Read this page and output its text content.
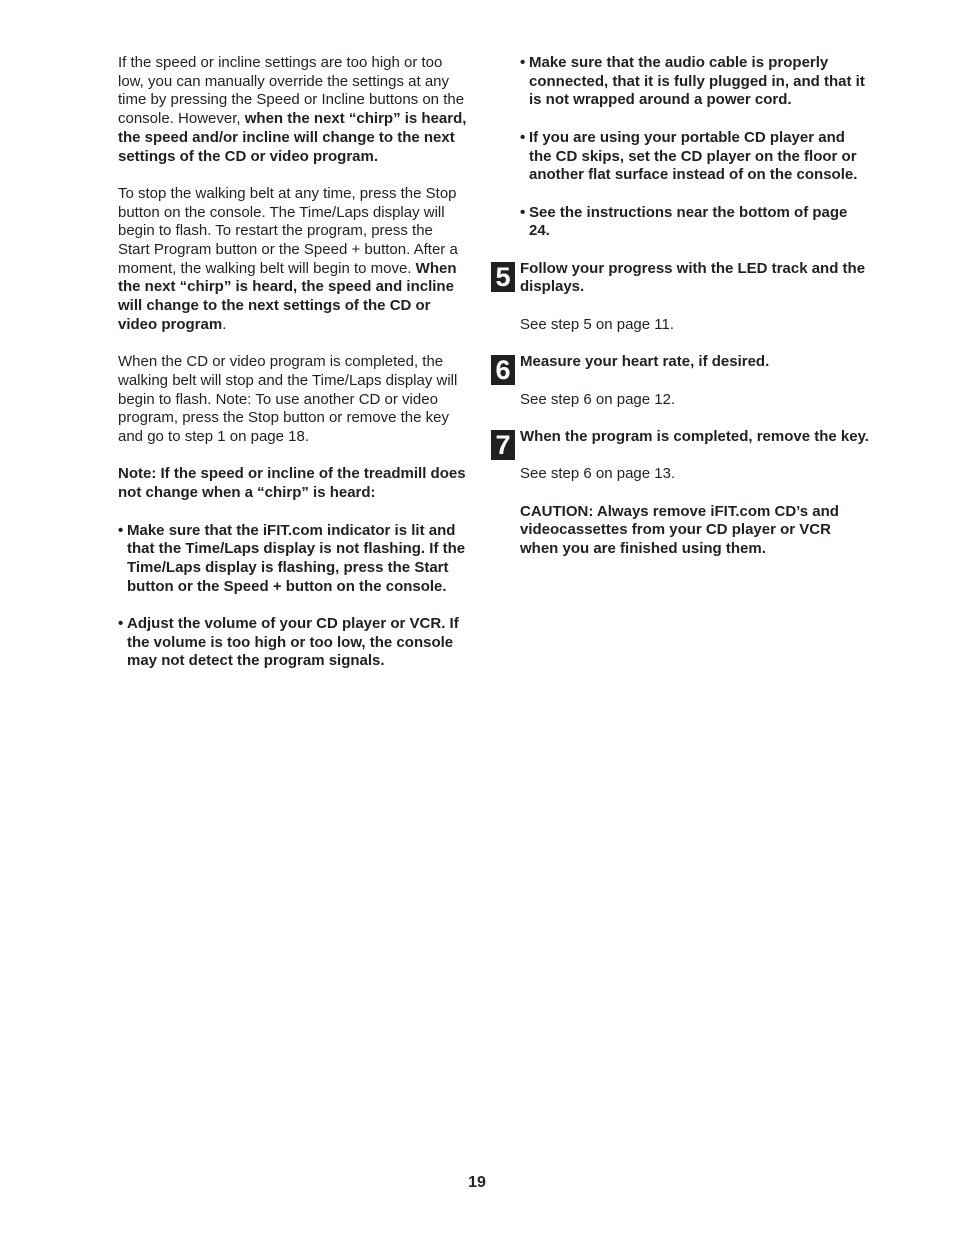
If the speed or incline settings are too high or too low, you can manually override the settings at any time by pressing the Speed or Incline buttons on the console. However, when the next “chirp” is heard, the speed and/or incline will change to the next settings of the CD or video program.

To stop the walking belt at any time, press the Stop button on the console. The Time/Laps display will begin to flash. To restart the program, press the Start Program button or the Speed + button. After a moment, the walking belt will begin to move. When the next “chirp” is heard, the speed and incline will change to the next settings of the CD or video program.

When the CD or video program is completed, the walking belt will stop and the Time/Laps display will begin to flash. Note: To use another CD or video program, press the Stop button or remove the key and go to step 1 on page 18.

Note: If the speed or incline of the treadmill does not change when a “chirp” is heard:

• Make sure that the iFIT.com indicator is lit and that the Time/Laps display is not flashing. If the Time/Laps display is flashing, press the Start button or the Speed + button on the console.
• Adjust the volume of your CD player or VCR. If the volume is too high or too low, the console may not detect the program signals.
• Make sure that the audio cable is properly connected, that it is fully plugged in, and that it is not wrapped around a power cord.
• If you are using your portable CD player and the CD skips, set the CD player on the floor or another flat surface instead of on the console.
• See the instructions near the bottom of page 24.
5 Follow your progress with the LED track and the displays.
See step 5 on page 11.
6 Measure your heart rate, if desired.
See step 6 on page 12.
7 When the program is completed, remove the key.
See step 6 on page 13.
CAUTION: Always remove iFIT.com CD’s and videocassettes from your CD player or VCR when you are finished using them.
19
